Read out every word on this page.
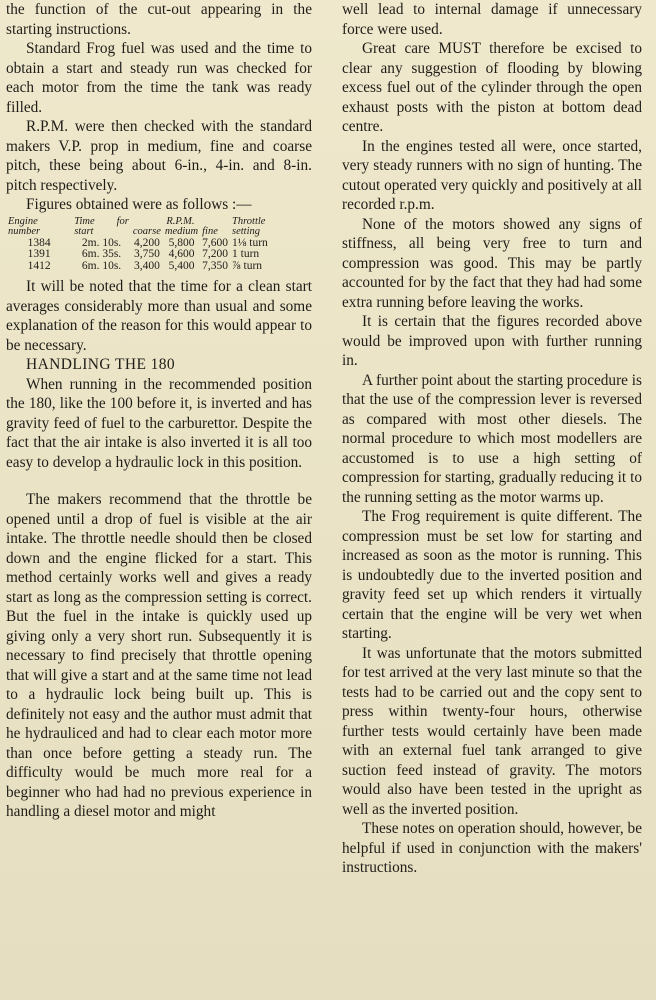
the function of the cut-out appearing in the starting instructions.

Standard Frog fuel was used and the time to obtain a start and steady run was checked for each motor from the time the tank was ready filled.

R.P.M. were then checked with the standard makers V.P. prop in medium, fine and coarse pitch, these being about 6-in., 4-in. and 8-in. pitch respectively.

Figures obtained were as follows :—

Engine number	Time for start	R.P.M.			Throttle setting
		coarse	medium	fine	
1384	2m. 10s.	4,200	5,800	7,600	1⅛ turn
1391	6m. 35s.	3,750	4,600	7,200	1 turn
1412	6m. 10s.	3,400	5,400	7,350	⅞ turn

It will be noted that the time for a clean start averages considerably more than usual and some explanation of the reason for this would appear to be necessary.

HANDLING THE 180

When running in the recommended position the 180, like the 100 before it, is inverted and has gravity feed of fuel to the carburettor. Despite the fact that the air intake is also inverted it is all too easy to develop a hydraulic lock in this position.

The makers recommend that the throttle be opened until a drop of fuel is visible at the air intake. The throttle needle should then be closed down and the engine flicked for a start. This method certainly works well and gives a ready start as long as the compression setting is correct. But the fuel in the intake is quickly used up giving only a very short run. Subsequently it is necessary to find precisely that throttle opening that will give a start and at the same time not lead to a hydraulic lock being built up. This is definitely not easy and the author must admit that he hydrauliced and had to clear each motor more than once before getting a steady run. The difficulty would be much more real for a beginner who had had no previous experience in handling a diesel motor and might

well lead to internal damage if unnecessary force were used.

Great care MUST therefore be excised to clear any suggestion of flooding by blowing excess fuel out of the cylinder through the open exhaust posts with the piston at bottom dead centre.

In the engines tested all were, once started, very steady runners with no sign of hunting. The cutout operated very quickly and positively at all recorded r.p.m.

None of the motors showed any signs of stiffness, all being very free to turn and compression was good. This may be partly accounted for by the fact that they had had some extra running before leaving the works.

It is certain that the figures recorded above would be improved upon with further running in.

A further point about the starting procedure is that the use of the compression lever is reversed as compared with most other diesels. The normal procedure to which most modellers are accustomed is to use a high setting of compression for starting, gradually reducing it to the running setting as the motor warms up.

The Frog requirement is quite different. The compression must be set low for starting and increased as soon as the motor is running. This is undoubtedly due to the inverted position and gravity feed set up which renders it virtually certain that the engine will be very wet when starting.

It was unfortunate that the motors submitted for test arrived at the very last minute so that the tests had to be carried out and the copy sent to press within twenty-four hours, otherwise further tests would certainly have been made with an external fuel tank arranged to give suction feed instead of gravity. The motors would also have been tested in the upright as well as the inverted position.

These notes on operation should, however, be helpful if used in conjunction with the makers' instructions.
